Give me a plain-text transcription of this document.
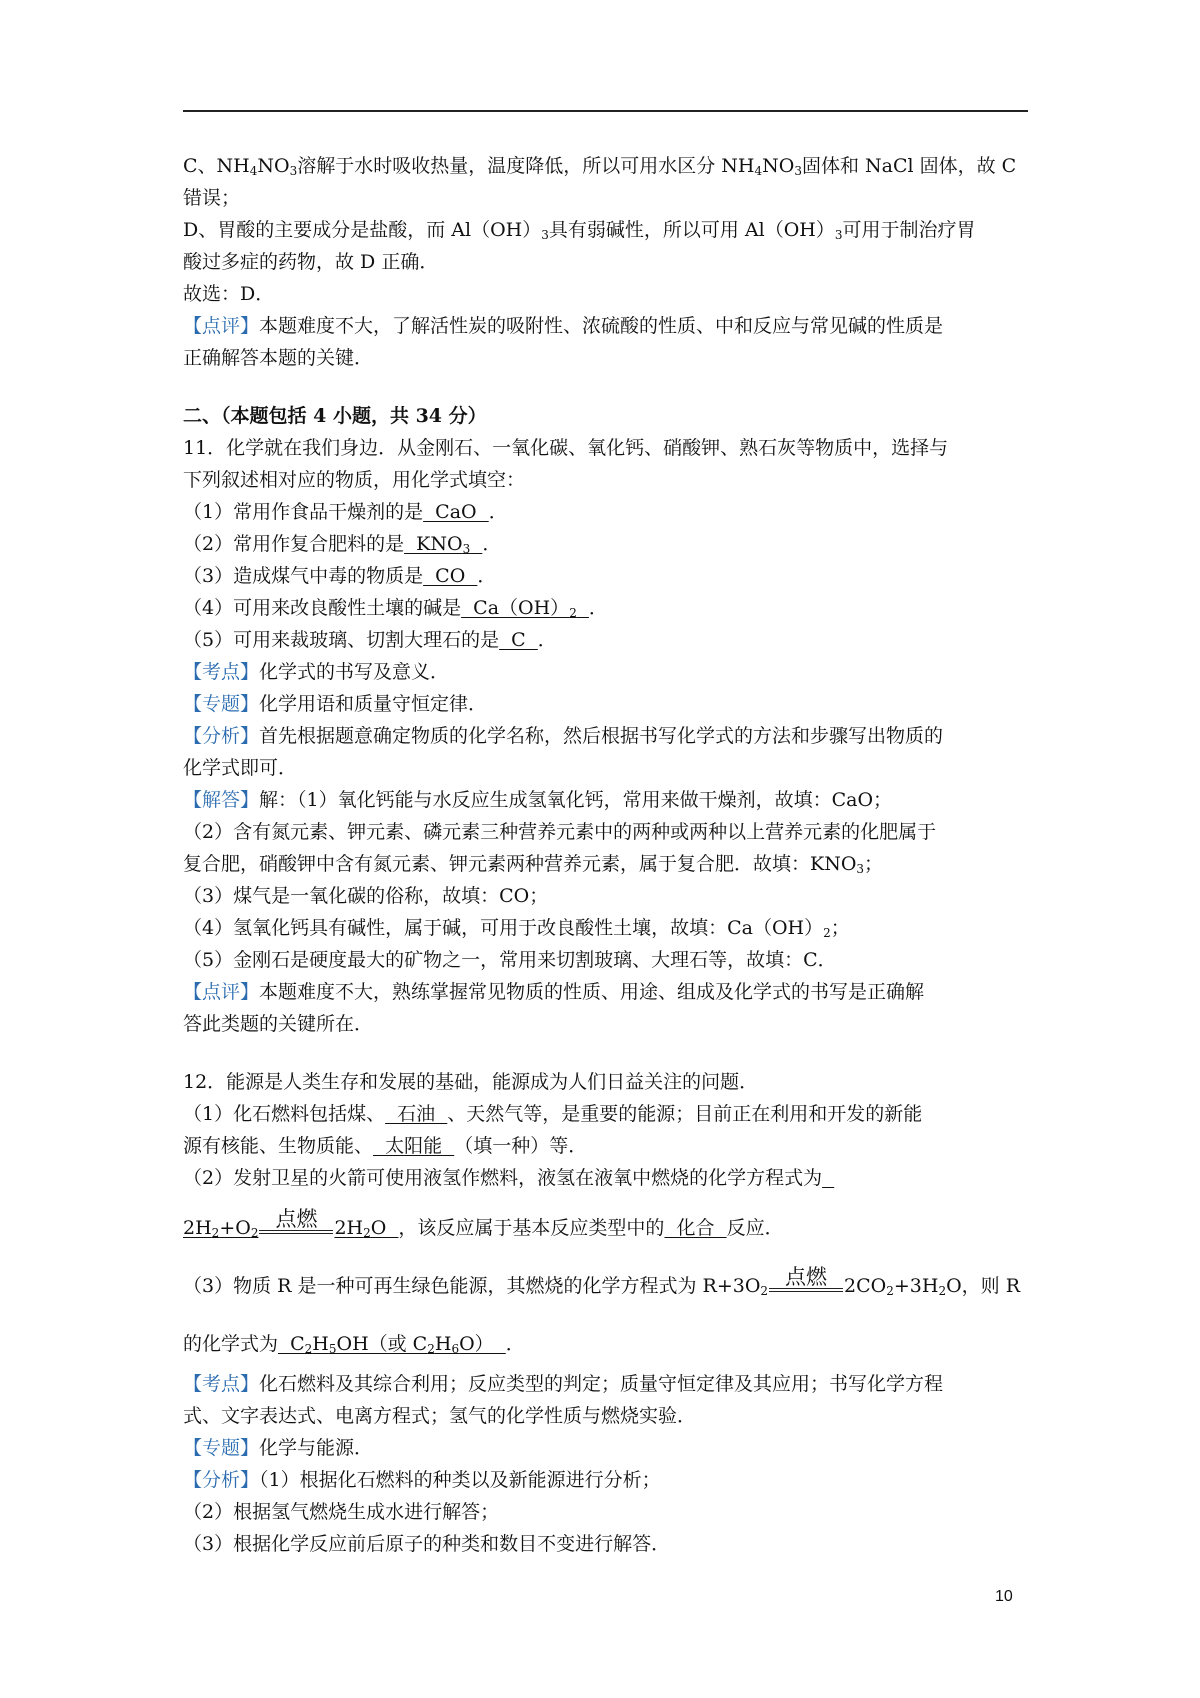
C、$NH_4NO_3$溶解于水时吸收热量，温度降低，所以可用水区分 $NH_4NO_3$固体和 NaCl 固体，故 C
错误；
D、胃酸的主要成分是盐酸，而 $Al(OH)_3$具有弱碱性，所以可用 $Al(OH)_3$可用于制治疗胃
酸过多症的药物，故 D 正确．
故选：D．
【点评】本题难度不大，了解活性炭的吸附性、浓硫酸的性质、中和反应与常见碱的性质是
正确解答本题的关键．
二、（本题包括 4 小题，共 34 分）
11．化学就在我们身边．从金刚石、一氧化碳、氧化钙、硝酸钾、熟石灰等物质中，选择与
下列叙述相对应的物质，用化学式填空：
（1）常用作食品干燥剂的是  CaO  ．
（2）常用作复合肥料的是  $KNO_3$ ．
（3）造成煤气中毒的物质是  CO  ．
（4）可用来改良酸性土壤的碱是  $Ca(OH)_2$ ．
（5）可用来裁玻璃、切割大理石的是  C  ．
【考点】化学式的书写及意义．
【专题】化学用语和质量守恒定律．
【分析】首先根据题意确定物质的化学名称，然后根据书写化学式的方法和步骤写出物质的
化学式即可．
【解答】解：（1）氧化钙能与水反应生成氢氧化钙，常用来做干燥剂，故填：CaO；
（2）含有氮元素、钾元素、磷元素三种营养元素中的两种或两种以上营养元素的化肥属于
复合肥，硝酸钾中含有氮元素、钾元素两种营养元素，属于复合肥．故填：$KNO_3$；
（3）煤气是一氧化碳的俗称，故填：CO；
（4）氢氧化钙具有碱性，属于碱，可用于改良酸性土壤，故填：$Ca(OH)_2$；
（5）金刚石是硬度最大的矿物之一，常用来切割玻璃、大理石等，故填：C．
【点评】本题难度不大，熟练掌握常见物质的性质、用途、组成及化学式的书写是正确解
答此类题的关键所在．
12．能源是人类生存和发展的基础，能源成为人们日益关注的问题．
（1）化石燃料包括煤、  石油  、天然气等，是重要的能源；目前正在利用和开发的新能
源有核能、生物质能、  太阳能  （填一种）等．
（2）发射卫星的火箭可使用液氢作燃料，液氢在液氧中燃烧的化学方程式为
$2H_2+O_2$
点燃 $2H_2O$  ，该反应属于基本反应类型中的  化合  反应．
（3）物质 R 是一种可再生绿色能源，其燃烧的化学方程式为 $R+3O_2$
点燃 $2CO_2+3H_2O$，则 R
的化学式为  $C_2H_5OH$（或 $C_2H_6O$）  ．
【考点】化石燃料及其综合利用；反应类型的判定；质量守恒定律及其应用；书写化学方程
式、文字表达式、电离方程式；氢气的化学性质与燃烧实验．
【专题】化学与能源．
【分析】（1）根据化石燃料的种类以及新能源进行分析；
（2）根据氢气燃烧生成水进行解答；
（3）根据化学反应前后原子的种类和数目不变进行解答．
10
